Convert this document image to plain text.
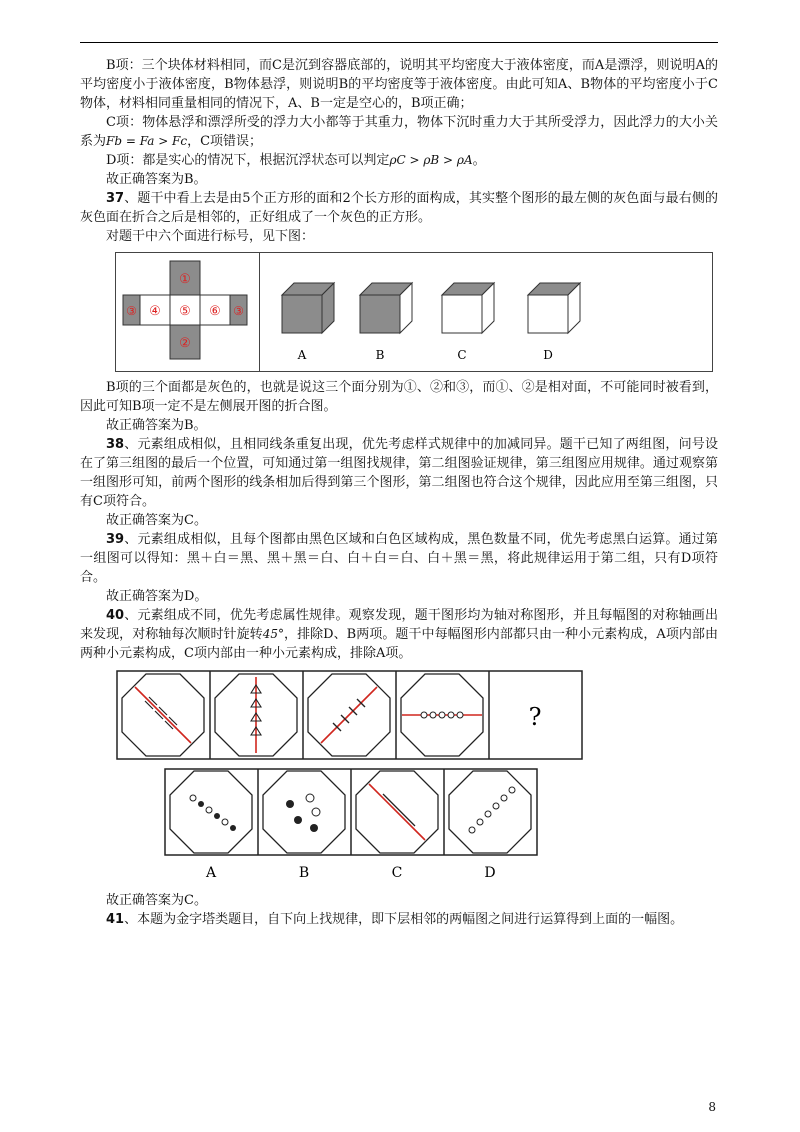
B项：三个块体材料相同，而C是沉到容器底部的，说明其平均密度大于液体密度，而A是漂浮，则说明A的平均密度小于液体密度，B物体悬浮，则说明B的平均密度等于液体密度。由此可知A、B物体的平均密度小于C物体，材料相同重量相同的情况下，A、B一定是空心的，B项正确；

C项：物体悬浮和漂浮所受的浮力大小都等于其重力，物体下沉时重力大于其所受浮力，因此浮力的大小关系为Fb = Fa > Fc，C项错误；

D项：都是实心的情况下，根据沉浮状态可以判定ρC > ρB > ρA。

故正确答案为B。

37、题干中看上去是由5个正方形的面和2个长方形的面构成，其实整个图形的最左侧的灰色面与最右侧的灰色面在折合之后是相邻的，正好组成了一个灰色的正方形。

对题干中六个面进行标号，见下图：

①
②
③ ④ ⑤ ⑥ ③
A	B	C	D

B项的三个面都是灰色的，也就是说这三个面分别为①、②和③，而①、②是相对面，不可能同时被看到，因此可知B项一定不是左侧展开图的折合图。

故正确答案为B。

38、元素组成相似，且相同线条重复出现，优先考虑样式规律中的加减同异。题干已知了两组图，问号设在了第三组图的最后一个位置，可知通过第一组图找规律，第二组图验证规律，第三组图应用规律。通过观察第一组图形可知，前两个图形的线条相加后得到第三个图形，第二组图也符合这个规律，因此应用至第三组图，只有C项符合。

故正确答案为C。

39、元素组成相似，且每个图都由黑色区域和白色区域构成，黑色数量不同，优先考虑黑白运算。通过第一组图可以得知：黑＋白＝黑、黑＋黑＝白、白＋白＝白、白＋黑＝黑，将此规律运用于第二组，只有D项符合。

故正确答案为D。

40、元素组成不同，优先考虑属性规律。观察发现，题干图形均为轴对称图形，并且每幅图的对称轴画出来发现，对称轴每次顺时针旋转45°，排除D、B两项。题干中每幅图形内部都只由一种小元素构成，A项内部由两种小元素构成，C项内部由一种小元素构成，排除A项。

?
A	B	C	D

故正确答案为C。

41、本题为金字塔类题目，自下向上找规律，即下层相邻的两幅图之间进行运算得到上面的一幅图。

8
